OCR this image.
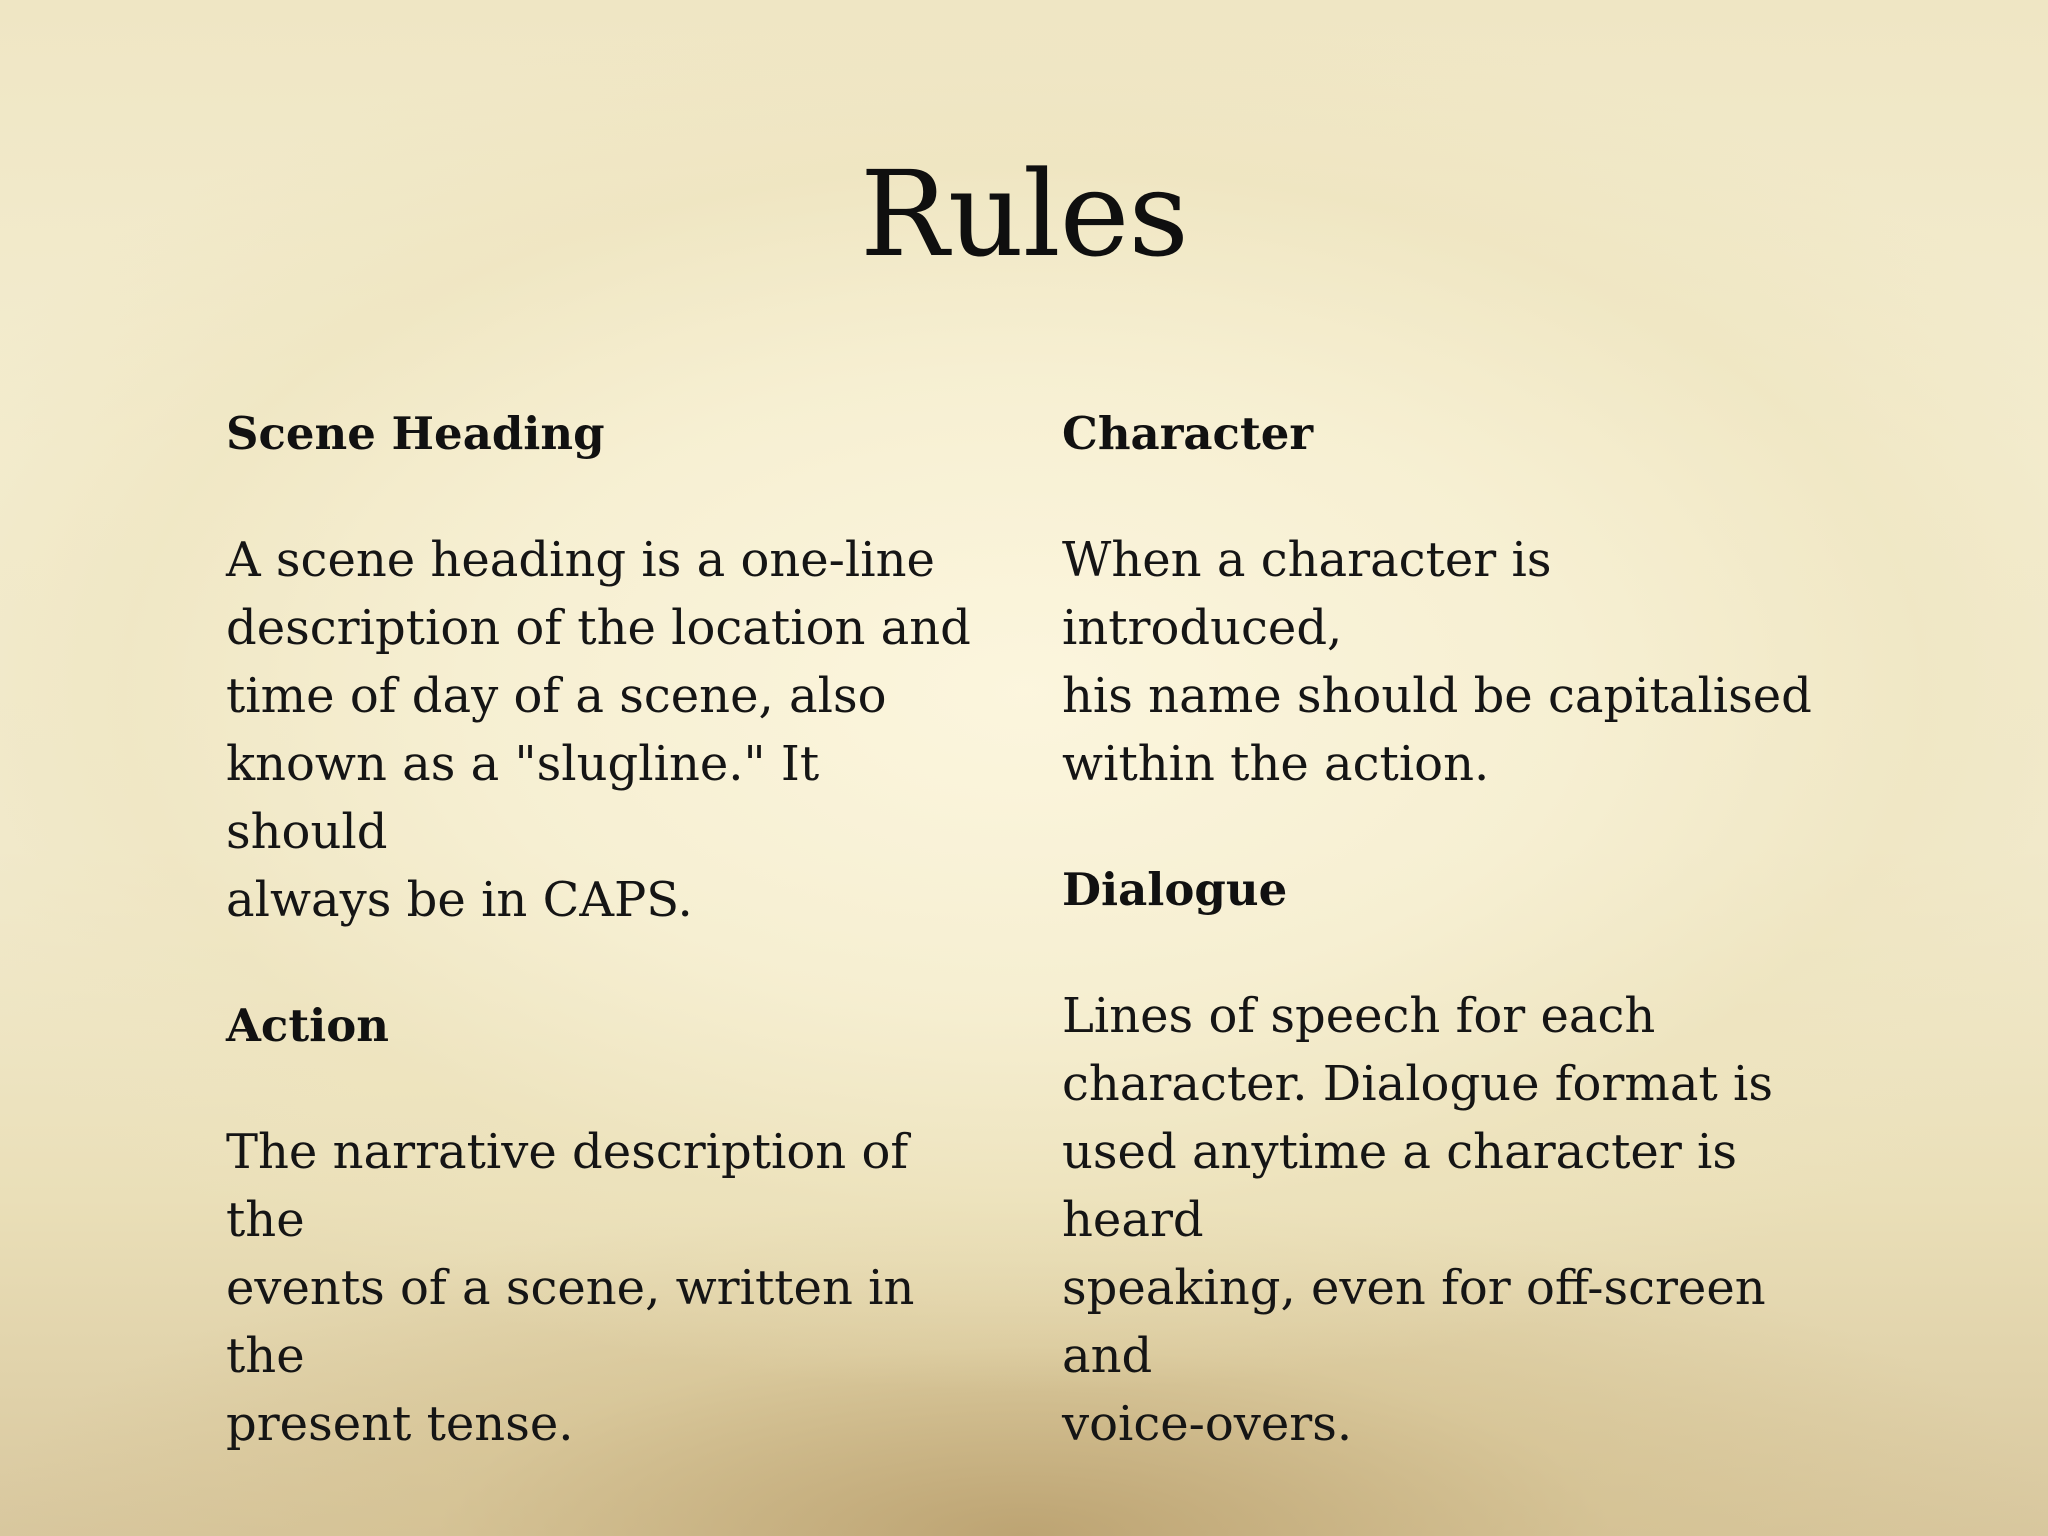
Rules
Scene Heading
A scene heading is a one-line
description of the location and
time of day of a scene, also
known as a "slugline." It should
always be in CAPS.
Action
The narrative description of the
events of a scene, written in the
present tense.
Character
When a character is introduced,
his name should be capitalised
within the action.
Dialogue
Lines of speech for each
character. Dialogue format is
used anytime a character is heard
speaking, even for off-screen and
voice-overs.
